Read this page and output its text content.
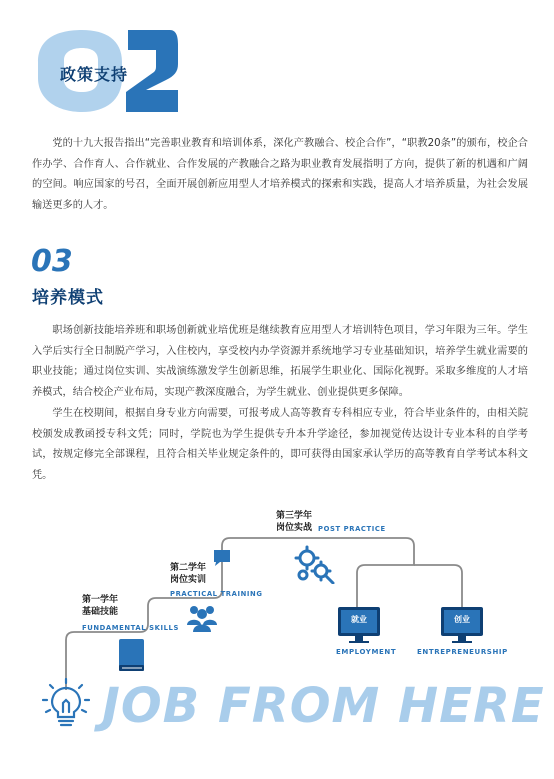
政策支持
党的十九大报告指出“完善职业教育和培训体系，深化产教融合、校企合作”，“职教20条”的颁布，校企合作办学、合作育人、合作就业、合作发展的产教融合之路为职业教育发展指明了方向，提供了新的机遇和广阔的空间。响应国家的号召，全面开展创新应用型人才培养模式的探索和实践，提高人才培养质量，为社会发展输送更多的人才。
03
培养模式
职场创新技能培养班和职场创新就业培优班是继续教育应用型人才培训特色项目，学习年限为三年。学生入学后实行全日制脱产学习，入住校内，享受校内办学资源并系统地学习专业基础知识，培养学生就业需要的职业技能；通过岗位实训、实战演练激发学生创新思维，拓展学生职业化、国际化视野。采取多维度的人才培养模式，结合校企产业布局，实现产教深度融合，为学生就业、创业提供更多保障。
学生在校期间，根据自身专业方向需要，可报考成人高等教育专科相应专业，符合毕业条件的，由相关院校颁发成教函授专科文凭；同时，学院也为学生提供专升本升学途径，参加视觉传达设计专业本科的自学考试，按规定修完全部课程，且符合相关毕业规定条件的，即可获得由国家承认学历的高等教育自学考试本科文凭。
第一学年
基础技能
FUNDAMENTAL SKILLS
第二学年
岗位实训
PRACTICAL TRAINING
第三学年
岗位实战 POST PRACTICE
就业
EMPLOYMENT
创业
ENTREPRENEURSHIP
JOB FROM HERE
